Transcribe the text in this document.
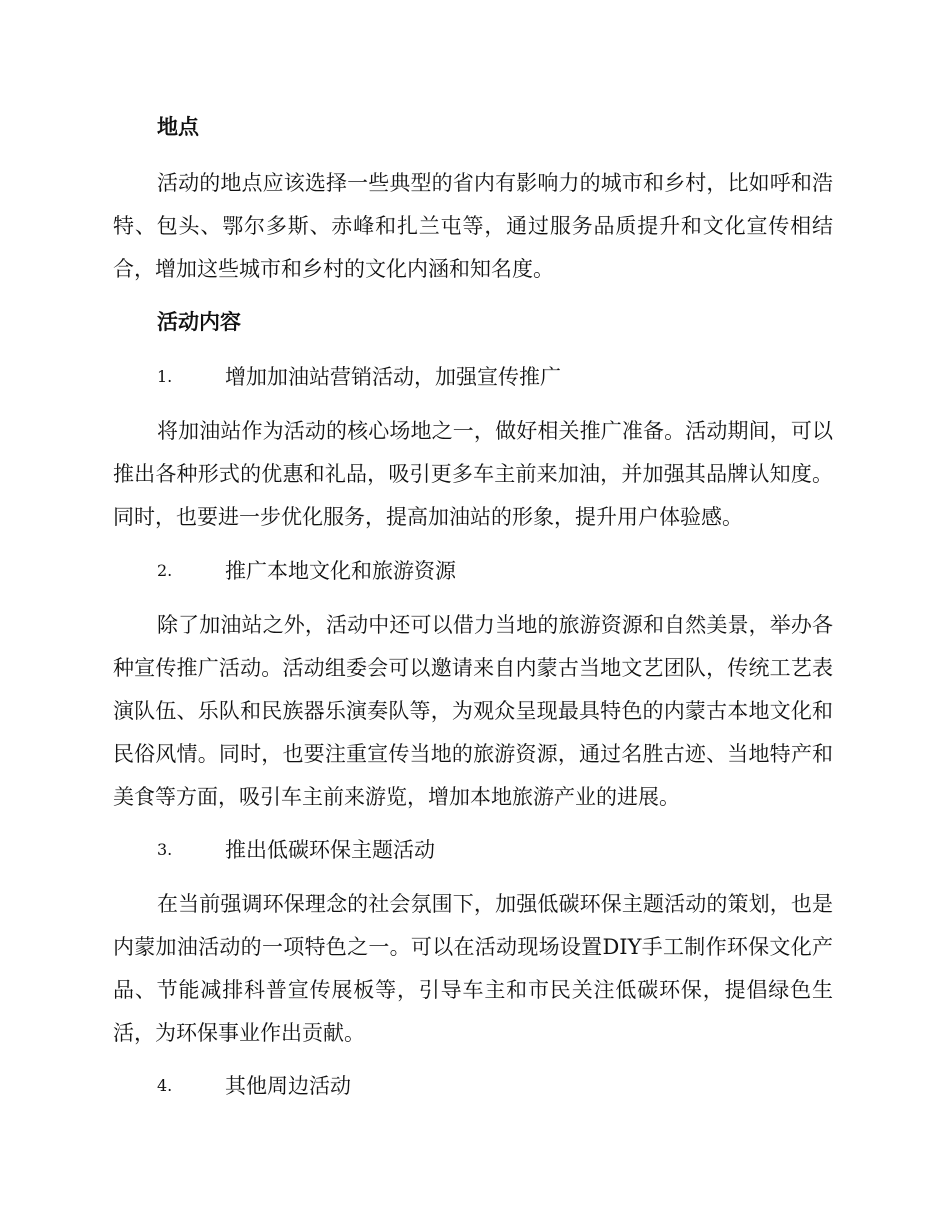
地点

活动的地点应该选择一些典型的省内有影响力的城市和乡村，比如呼和浩特、包头、鄂尔多斯、赤峰和扎兰屯等，通过服务品质提升和文化宣传相结合，增加这些城市和乡村的文化内涵和知名度。

活动内容
1.	增加加油站营销活动，加强宣传推广

将加油站作为活动的核心场地之一，做好相关推广准备。活动期间，可以推出各种形式的优惠和礼品，吸引更多车主前来加油，并加强其品牌认知度。同时，也要进一步优化服务，提高加油站的形象，提升用户体验感。

2.	推广本地文化和旅游资源

除了加油站之外，活动中还可以借力当地的旅游资源和自然美景，举办各种宣传推广活动。活动组委会可以邀请来自内蒙古当地文艺团队，传统工艺表演队伍、乐队和民族器乐演奏队等，为观众呈现最具特色的内蒙古本地文化和民俗风情。同时，也要注重宣传当地的旅游资源，通过名胜古迹、当地特产和美食等方面，吸引车主前来游览，增加本地旅游产业的进展。

3.	推出低碳环保主题活动

在当前强调环保理念的社会氛围下，加强低碳环保主题活动的策划，也是内蒙加油活动的一项特色之一。可以在活动现场设置DIY手工制作环保文化产品、节能减排科普宣传展板等，引导车主和市民关注低碳环保，提倡绿色生活，为环保事业作出贡献。

4.	其他周边活动
